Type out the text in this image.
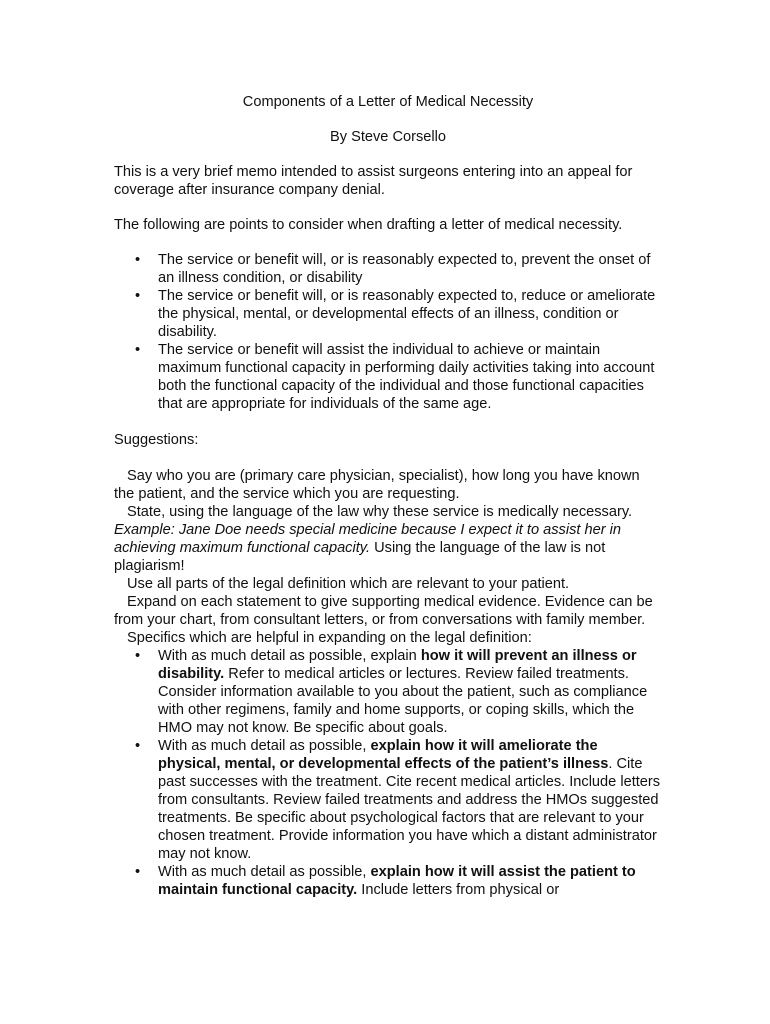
Components of a Letter of Medical Necessity

By Steve Corsello

This is a very brief memo intended to assist surgeons entering into an appeal for coverage after insurance company denial.

The following are points to consider when drafting a letter of medical necessity.

• The service or benefit will, or is reasonably expected to, prevent the onset of an illness condition, or disability
• The service or benefit will, or is reasonably expected to, reduce or ameliorate the physical, mental, or developmental effects of an illness, condition or disability.
• The service or benefit will assist the individual to achieve or maintain maximum functional capacity in performing daily activities taking into account both the functional capacity of the individual and those functional capacities that are appropriate for individuals of the same age.

Suggestions:

Say who you are (primary care physician, specialist), how long you have known the patient, and the service which you are requesting.

State, using the language of the law why these service is medically necessary. Example: Jane Doe needs special medicine because I expect it to assist her in achieving maximum functional capacity. Using the language of the law is not plagiarism!

Use all parts of the legal definition which are relevant to your patient.

Expand on each statement to give supporting medical evidence. Evidence can be from your chart, from consultant letters, or from conversations with family member.

Specifics which are helpful in expanding on the legal definition:

• With as much detail as possible, explain how it will prevent an illness or disability. Refer to medical articles or lectures. Review failed treatments. Consider information available to you about the patient, such as compliance with other regimens, family and home supports, or coping skills, which the HMO may not know. Be specific about goals.
• With as much detail as possible, explain how it will ameliorate the physical, mental, or developmental effects of the patient’s illness. Cite past successes with the treatment. Cite recent medical articles. Include letters from consultants. Review failed treatments and address the HMOs suggested treatments. Be specific about psychological factors that are relevant to your chosen treatment. Provide information you have which a distant administrator may not know.
• With as much detail as possible, explain how it will assist the patient to maintain functional capacity. Include letters from physical or
